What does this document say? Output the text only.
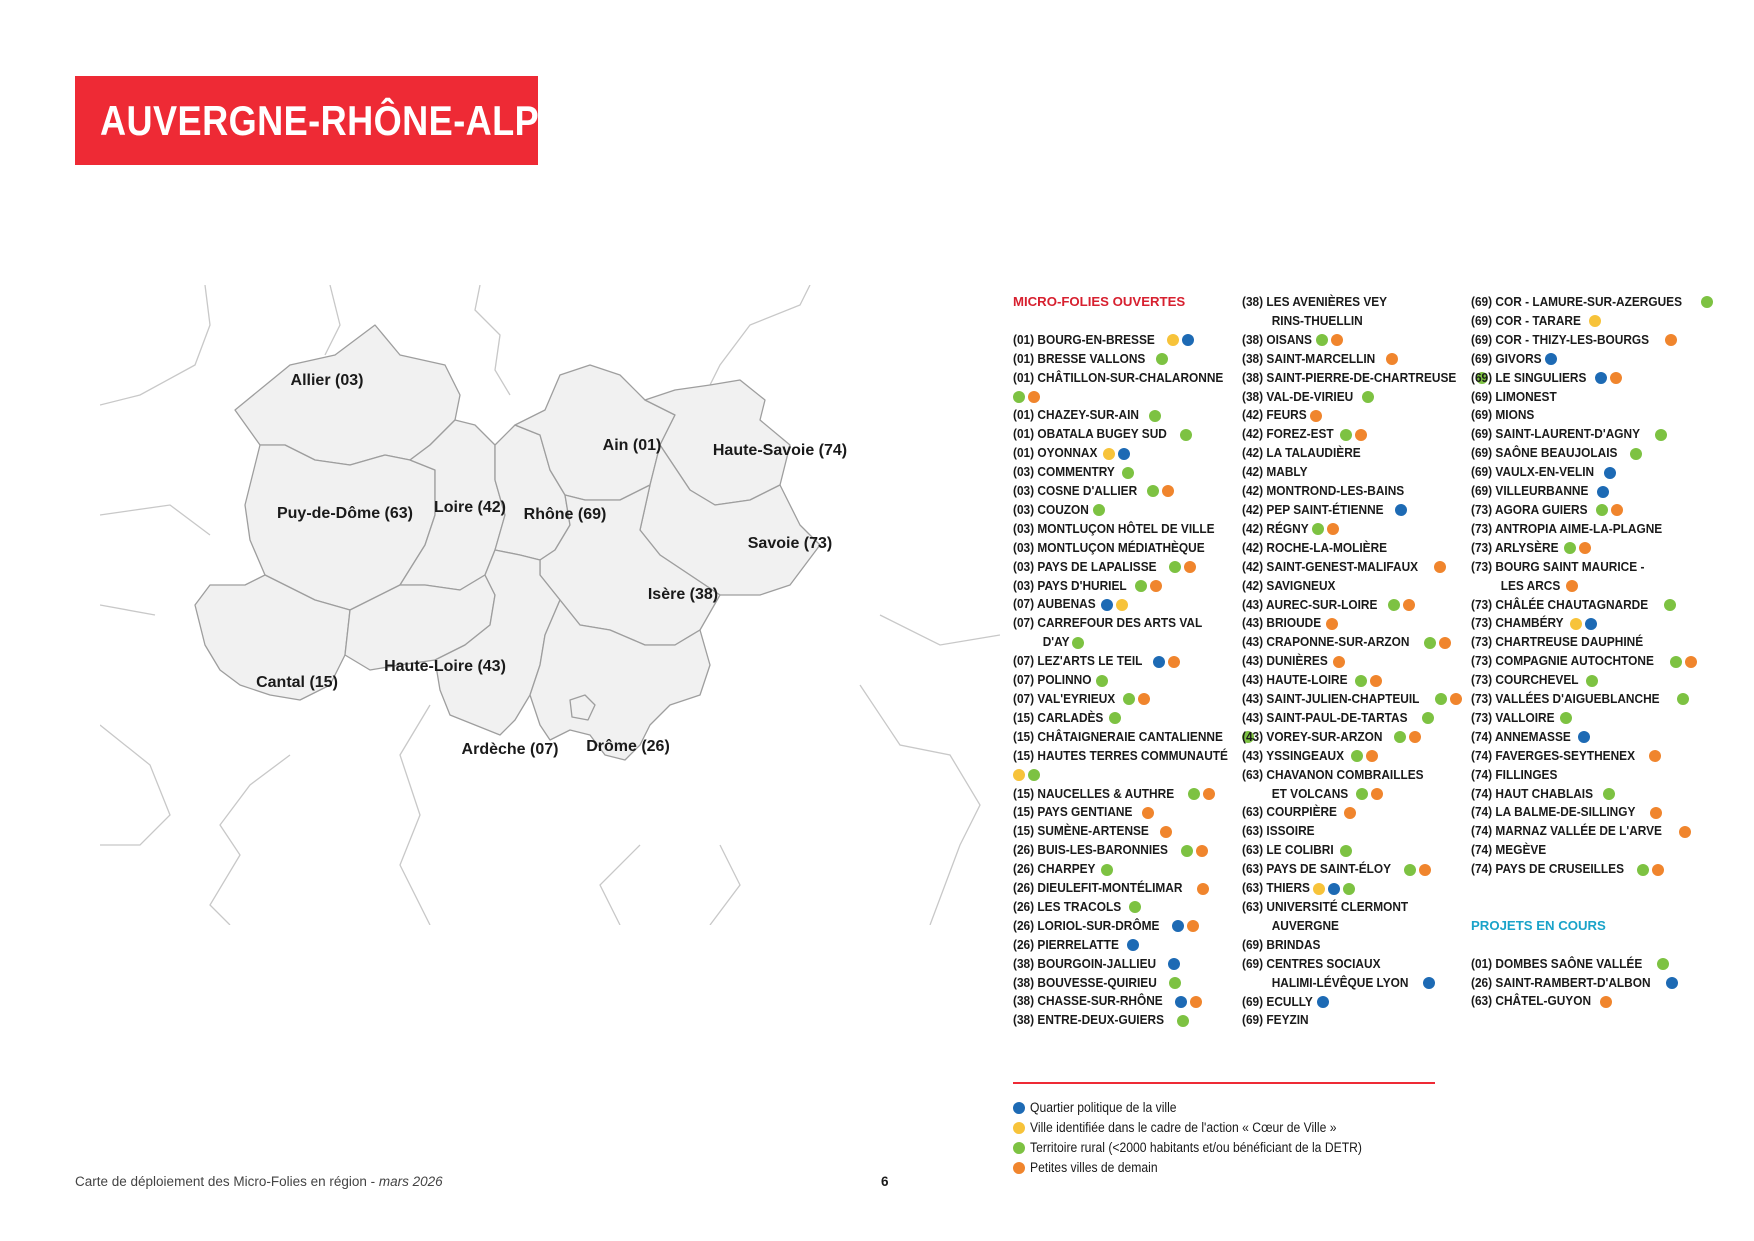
AUVERGNE-RHÔNE-ALPES
Allier (03)
Puy-de-Dôme (63) Loire (42) Rhône (69)
Ain (01)	Haute-Savoie (74)
Savoie (73)
Isère (38)
Cantal (15)
Haute-Loire (43)
Ardèche (07) Drôme (26)
MICRO-FOLIES OUVERTES
(01) BOURG-EN-BRESSE
(01) BRESSE VALLONS
(01) CHÂTILLON-SUR-CHALARONNE
(01) CHAZEY-SUR-AIN
(01) OBATALA BUGEY SUD
(01) OYONNAX
(03) COMMENTRY
(03) COSNE D'ALLIER
(03) COUZON
(03) MONTLUÇON HÔTEL DE VILLE
(03) MONTLUÇON MÉDIATHÈQUE
(03) PAYS DE LAPALISSE
(03) PAYS D'HURIEL
(07) AUBENAS
(07) CARREFOUR DES ARTS VAL
D'AY
(07) LEZ'ARTS LE TEIL
(07) POLINNO
(07) VAL'EYRIEUX
(15) CARLADÈS
(15) CHÂTAIGNERAIE CANTALIENNE
(15) HAUTES TERRES COMMUNAUTÉ
(15) NAUCELLES & AUTHRE
(15) PAYS GENTIANE
(15) SUMÈNE-ARTENSE
(26) BUIS-LES-BARONNIES
(26) CHARPEY
(26) DIEULEFIT-MONTÉLIMAR
(26) LES TRACOLS
(26) LORIOL-SUR-DRÔME
(26) PIERRELATTE
(38) BOURGOIN-JALLIEU
(38) BOUVESSE-QUIRIEU
(38) CHASSE-SUR-RHÔNE
(38) ENTRE-DEUX-GUIERS
(38) LES AVENIÈRES VEY
RINS-THUELLIN
(38) OISANS
(38) SAINT-MARCELLIN
(38) SAINT-PIERRE-DE-CHARTREUSE
(38) VAL-DE-VIRIEU
(42) FEURS
(42) FOREZ-EST
(42) LA TALAUDIÈRE
(42) MABLY
(42) MONTROND-LES-BAINS
(42) PEP SAINT-ÉTIENNE
(42) RÉGNY
(42) ROCHE-LA-MOLIÈRE
(42) SAINT-GENEST-MALIFAUX
(42) SAVIGNEUX
(43) AUREC-SUR-LOIRE
(43) BRIOUDE
(43) CRAPONNE-SUR-ARZON
(43) DUNIÈRES
(43) HAUTE-LOIRE
(43) SAINT-JULIEN-CHAPTEUIL
(43) SAINT-PAUL-DE-TARTAS
(43) VOREY-SUR-ARZON
(43) YSSINGEAUX
(63) CHAVANON COMBRAILLES
ET VOLCANS
(63) COURPIÈRE
(63) ISSOIRE
(63) LE COLIBRI
(63) PAYS DE SAINT-ÉLOY
(63) THIERS
(63) UNIVERSITÉ CLERMONT
AUVERGNE
(69) BRINDAS
(69) CENTRES SOCIAUX
HALIMI-LÉVÊQUE LYON
(69) ECULLY
(69) FEYZIN
(69) COR - LAMURE-SUR-AZERGUES
(69) COR - TARARE
(69) COR - THIZY-LES-BOURGS
(69) GIVORS
(69) LE SINGULIERS
(69) LIMONEST
(69) MIONS
(69) SAINT-LAURENT-D'AGNY
(69) SAÔNE BEAUJOLAIS
(69) VAULX-EN-VELIN
(69) VILLEURBANNE
(73) AGORA GUIERS
(73) ANTROPIA AIME-LA-PLAGNE
(73) ARLYSÈRE
(73) BOURG SAINT MAURICE -
LES ARCS
(73) CHÂLÉE CHAUTAGNARDE
(73) CHAMBÉRY
(73) CHARTREUSE DAUPHINÉ
(73) COMPAGNIE AUTOCHTONE
(73) COURCHEVEL
(73) VALLÉES D'AIGUEBLANCHE
(73) VALLOIRE
(74) ANNEMASSE
(74) FAVERGES-SEYTHENEX
(74) FILLINGES
(74) HAUT CHABLAIS
(74) LA BALME-DE-SILLINGY
(74) MARNAZ VALLÉE DE L'ARVE
(74) MEGÈVE
(74) PAYS DE CRUSEILLES
PROJETS EN COURS
(01) DOMBES SAÔNE VALLÉE
(26) SAINT-RAMBERT-D'ALBON
(63) CHÂTEL-GUYON
Quartier politique de la ville
Ville identifiée dans le cadre de l'action « Cœur de Ville »
Territoire rural (<2000 habitants et/ou bénéficiant de la DETR)
Petites villes de demain
Carte de déploiement des Micro-Folies en région - mars 2026	6
